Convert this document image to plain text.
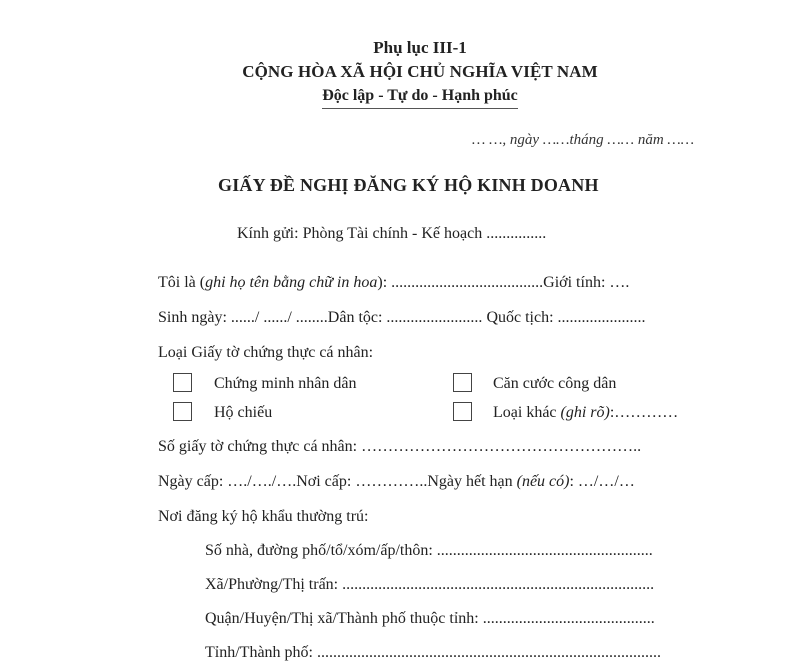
Phụ lục III-1
CỘNG HÒA XÃ HỘI CHỦ NGHĨA VIỆT NAM
Độc lập - Tự do - Hạnh phúc
… …, ngày ……tháng …… năm ……
GIẤY ĐỀ NGHỊ ĐĂNG KÝ HỘ KINH DOANH
Kính gửi: Phòng Tài chính - Kế hoạch ...............
Tôi là (ghi họ tên bằng chữ in hoa): ......................................Giới tính: ….
Sinh ngày: ....../ ....../ ........Dân tộc: ........................ Quốc tịch: ......................
Loại Giấy tờ chứng thực cá nhân:
Chứng minh nhân dân	Căn cước công dân
Hộ chiếu	Loại khác (ghi rõ):…………
Số giấy tờ chứng thực cá nhân: ……………………………………………..
Ngày cấp: …./…./….Nơi cấp: …………..Ngày hết hạn (nếu có): …/…/…
Nơi đăng ký hộ khẩu thường trú:
Số nhà, đường phố/tổ/xóm/ấp/thôn: ......................................................
Xã/Phường/Thị trấn: ..............................................................................
Quận/Huyện/Thị xã/Thành phố thuộc tỉnh: ...........................................
Tỉnh/Thành phố: ......................................................................................
